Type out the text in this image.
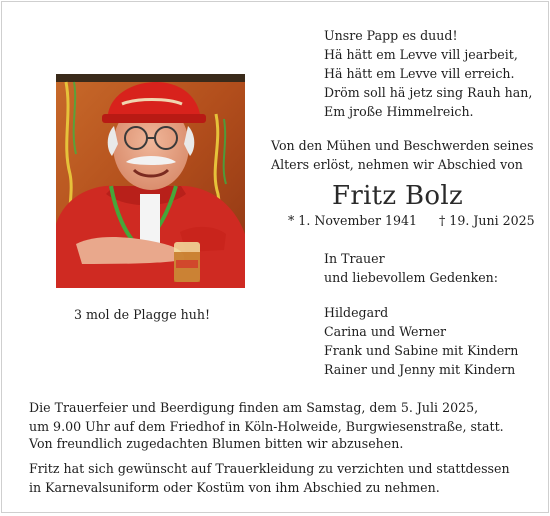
Unsre Papp es duud!
Hä hätt em Levve vill jearbeit,
Hä hätt em Levve vill erreich.
Dröm soll hä jetz sing Rauh han,
Em jroße Himmelreich.
Von den Mühen und Beschwerden seines
Alters erlöst, nehmen wir Abschied von
Fritz Bolz
* 1. November 1941 † 19. Juni 2025
In Trauer
und liebevollem Gedenken:
Hildegard
Carina und Werner
Frank und Sabine mit Kindern
Rainer und Jenny mit Kindern
3 mol de Plagge huh!
Die Trauerfeier und Beerdigung finden am Samstag, dem 5. Juli 2025,
um 9.00 Uhr auf dem Friedhof in Köln-Holweide, Burgwiesenstraße, statt.
Von freundlich zugedachten Blumen bitten wir abzusehen.
Fritz hat sich gewünscht auf Trauerkleidung zu verzichten und stattdessen
in Karnevalsuniform oder Kostüm von ihm Abschied zu nehmen.
